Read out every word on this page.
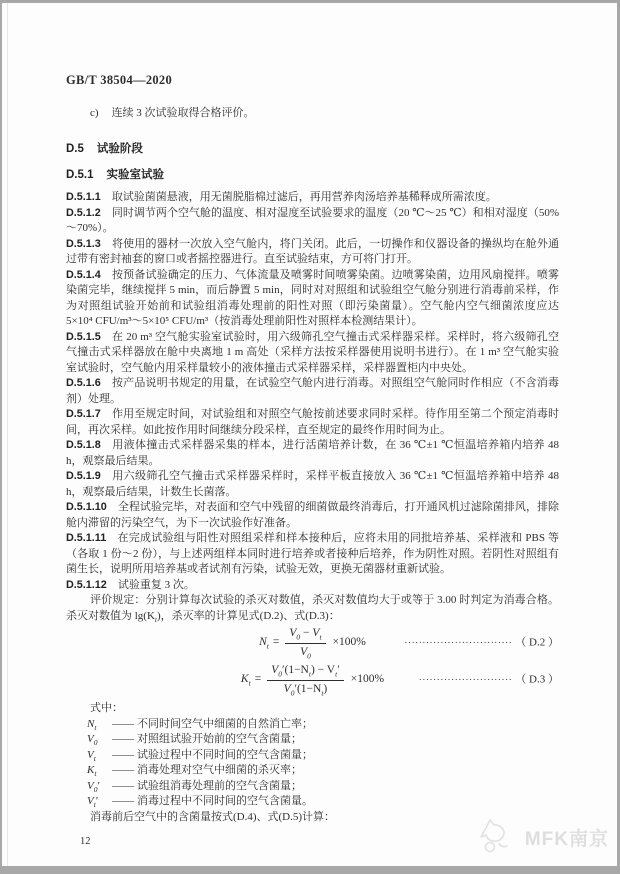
GB/T 38504—2020

c) 连续 3 次试验取得合格评价。

D.5 试验阶段

D.5.1 实验室试验

D.5.1.1 取试验菌菌悬液，用无菌脱脂棉过滤后，再用营养肉汤培养基稀释成所需浓度。

D.5.1.2 同时调节两个空气舱的温度、相对湿度至试验要求的温度（20 ℃～25 ℃）和相对湿度（50%～70%）。

D.5.1.3 将使用的器材一次放入空气舱内，将门关闭。此后，一切操作和仪器设备的操纵均在舱外通过带有密封袖套的窗口或者摇控器进行。直至试验结束，方可将门打开。

D.5.1.4 按预备试验确定的压力、气体流量及喷雾时间喷雾染菌。边喷雾染菌，边用风扇搅拌。喷雾染菌完毕，继续搅拌 5 min，而后静置 5 min，同时对对照组和试验组空气舱分别进行消毒前采样，作为对照组试验开始前和试验组消毒处理前的阳性对照（即污染菌量）。空气舱内空气细菌浓度应达 5×10⁴ CFU/m³～5×10⁵ CFU/m³（按消毒处理前阳性对照样本检测结果计）。

D.5.1.5 在 20 m³ 空气舱实验室试验时，用六级筛孔空气撞击式采样器采样。采样时，将六级筛孔空气撞击式采样器放在舱中央离地 1 m 高处（采样方法按采样器使用说明书进行）。在 1 m³ 空气舱实验室试验时，空气舱内用采样量较小的液体撞击式采样器采样，采样器置柜内中央处。

D.5.1.6 按产品说明书规定的用量，在试验空气舱内进行消毒。对照组空气舱同时作相应（不含消毒剂）处理。

D.5.1.7 作用至规定时间，对试验组和对照空气舱按前述要求同时采样。待作用至第二个预定消毒时间，再次采样。如此按作用时间继续分段采样，直至规定的最终作用时间为止。

D.5.1.8 用液体撞击式采样器采集的样本，进行活菌培养计数，在 36 ℃±1 ℃恒温培养箱内培养 48 h，观察最后结果。

D.5.1.9 用六级筛孔空气撞击式采样器采样时，采样平板直接放入 36 ℃±1 ℃恒温培养箱中培养 48 h，观察最后结果，计数生长菌落。

D.5.1.10 全程试验完毕，对表面和空气中残留的细菌做最终消毒后，打开通风机过滤除菌排风，排除舱内滞留的污染空气，为下一次试验作好准备。

D.5.1.11 在完成试验组与阳性对照组采样和样本接种后，应将未用的同批培养基、采样液和 PBS 等（各取 1 份～2 份），与上述两组样本同时进行培养或者接种后培养，作为阴性对照。若阴性对照组有菌生长，说明所用培养基或者试剂有污染，试验无效，更换无菌器材重新试验。

D.5.1.12 试验重复 3 次。

评价规定：分别计算每次试验的杀灭对数值，杀灭对数值均大于或等于 3.00 时判定为消毒合格。杀灭对数值为 $\lg(K_t)$，杀灭率的计算见式(D.2)、式(D.3)：

$N_t = \frac{V_0 - V_t}{V_0} \times 100\%$	······························ （ D.2 ）
$K_t = \frac{V_0'(1-N_t) - V_t'}{V_0'(1-N_t)} \times 100\%$	·························· （ D.3 ）

式中：

$N_t$	—— 不同时间空气中细菌的自然消亡率；

$V_0$	—— 对照组试验开始前的空气含菌量；

$V_t$	—— 试验过程中不同时间的空气含菌量；

$K_t$	—— 消毒处理对空气中细菌的杀灭率；

$V_0'$	—— 试验组消毒处理前的空气含菌量；

$V_t'$	—— 消毒过程中不同时间的空气含菌量。

消毒前后空气中的含菌量按式(D.4)、式(D.5)计算：

12	MFK南京
